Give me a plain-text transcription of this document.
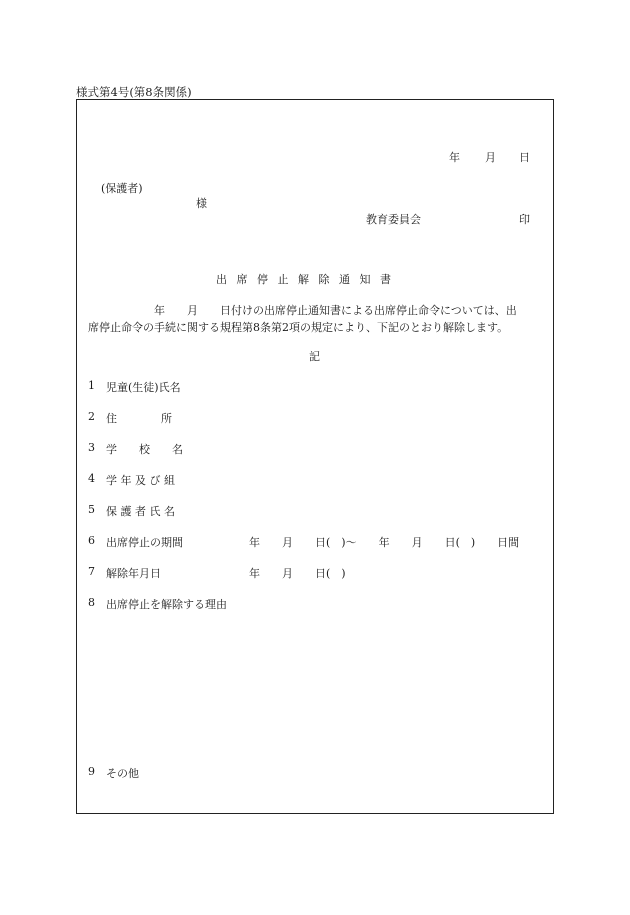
様式第4号(第8条関係)
年 月 日
(保護者)
様
教育委員会	印
出 席 停 止 解 除 通 知 書
　　　　　　年　　月　　日付けの出席停止通知書による出席停止命令については、出
席停止命令の手続に関する規程第8条第2項の規定により、下記のとおり解除します。
記
1 児童(生徒)氏名
2 住　　　　所
3 学　　校　　名
4 学 年 及 び 組
5 保 護 者 氏 名
6 出席停止の期間	年　　月　　日(　)〜　　年　　月　　日(　)　　日間
7 解除年月日	年　　月　　日(　)
8 出席停止を解除する理由
9 その他
